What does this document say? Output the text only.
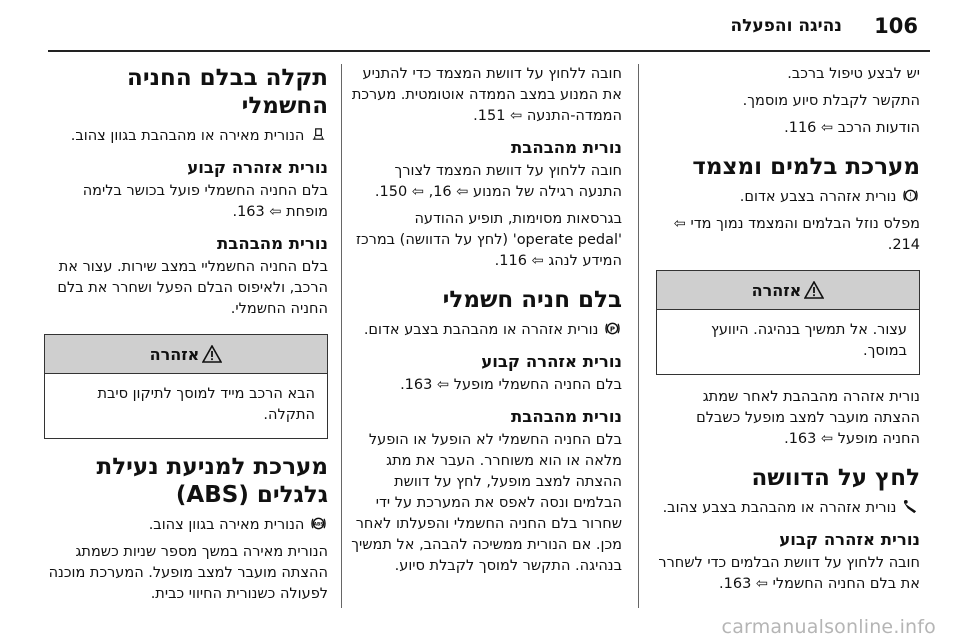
106
נהיגה והפעלה

יש לבצע טיפול ברכב.

התקשר לקבלת סיוע מוסמך.

הודעות הרכב ⇦ 116.

מערכת בלמים ומצמד

!
נורית אזהרה בצבע אדום.

מפלס נוזל הבלמים והמצמד נמוך מדי ⇦ 214.

אזהרה
עצור. אל תמשיך בנהיגה. היוועץ במוסך.

נורית אזהרה מהבהבת לאחר שמתג ההצתה מועבר למצב מופעל כשבלם החניה מופעל ⇦ 163.

לחץ על הדוושה

נורית אזהרה או מהבהבת בצבע צהוב.

נורית אזהרה קבוע

חובה ללחוץ על דוושת הבלמים כדי לשחרר את בלם החניה החשמלי ⇦ 163.

חובה ללחוץ על דוושת המצמד כדי להתניע את המנוע במצב הממדה אוטומטית. מערכת הממדה-התנעה ⇦ 151.

נורית מהבהבת

חובה ללחוץ על דוושת המצמד לצורך התנעה רגילה של המנוע ⇦ 16, ⇦ 150.

בגרסאות מסוימות, תופיע ההודעה 'operate pedal' (לחץ על הדוושה) במרכז המידע לנהג ⇦ 116.

בלם חניה חשמלי

P
נורית אזהרה או מהבהבת בצבע אדום.

נורית אזהרה קבוע

בלם החניה החשמלי מופעל ⇦ 163.

נורית מהבהבת

בלם החניה החשמלי לא הופעל או הופעל מלאה או הוא משוחרר. העבר את מתג ההצתה למצב מופעל, לחץ על דוושת הבלמים ונסה לאפס את המערכת על ידי שחרור בלם החניה החשמלי והפעלתו לאחר מכן. אם הנורית ממשיכה להבהב, אל תמשיך בנהיגה. התקשר למוסך לקבלת סיוע.

תקלה בבלם החניה החשמלי

הנורית מאירה או מהבהבת בגוון צהוב.

נורית אזהרה קבוע

בלם החניה החשמלי פועל בכושר בלימה מופחת ⇦ 163.

נורית מהבהבת

בלם החניה החשמליי במצב שירות. עצור את הרכב, ולאיפוס הבלם הפעל ושחרר את בלם החניה החשמלי.

אזהרה
הבא הרכב מייד למוסך לתיקון סיבת התקלה.
מערכת למניעת נעילת גלגלים (ABS)

ABS
הנורית מאירה בגוון צהוב.

הנורית מאירה במשך מספר שניות כשמתג ההצתה מועבר למצב מופעל. המערכת מוכנה לפעולה כשנורית החיווי כבית.

carmanualsonline.info
